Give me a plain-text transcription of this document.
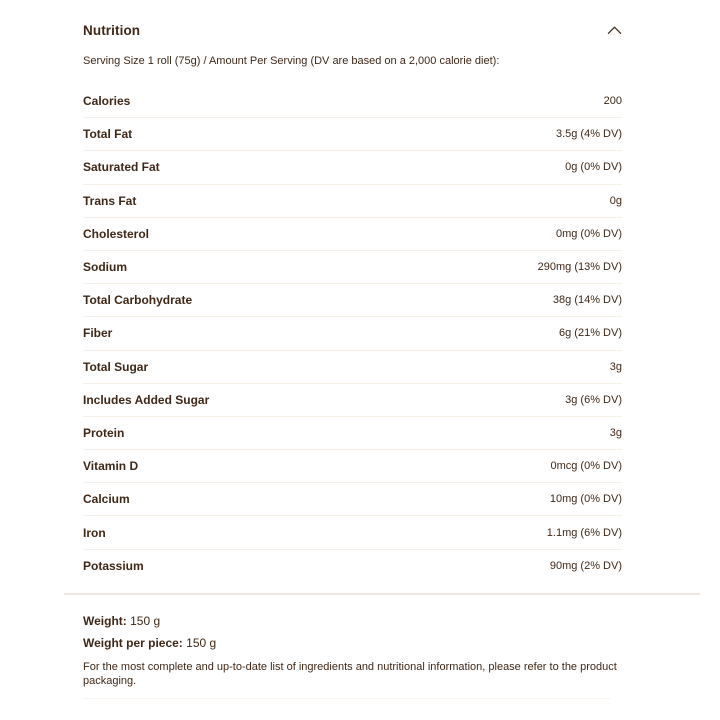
Nutrition
Serving Size 1 roll (75g) / Amount Per Serving (DV are based on a 2,000 calorie diet):
Calories	200
Total Fat	3.5g (4% DV)
Saturated Fat	0g (0% DV)
Trans Fat	0g
Cholesterol	0mg (0% DV)
Sodium	290mg (13% DV)
Total Carbohydrate	38g (14% DV)
Fiber	6g (21% DV)
Total Sugar	3g
Includes Added Sugar	3g (6% DV)
Protein	3g
Vitamin D	0mcg (0% DV)
Calcium	10mg (0% DV)
Iron	1.1mg (6% DV)
Potassium	90mg (2% DV)
Weight: 150 g
Weight per piece: 150 g

For the most complete and up-to-date list of ingredients and nutritional information, please refer to the product packaging.
